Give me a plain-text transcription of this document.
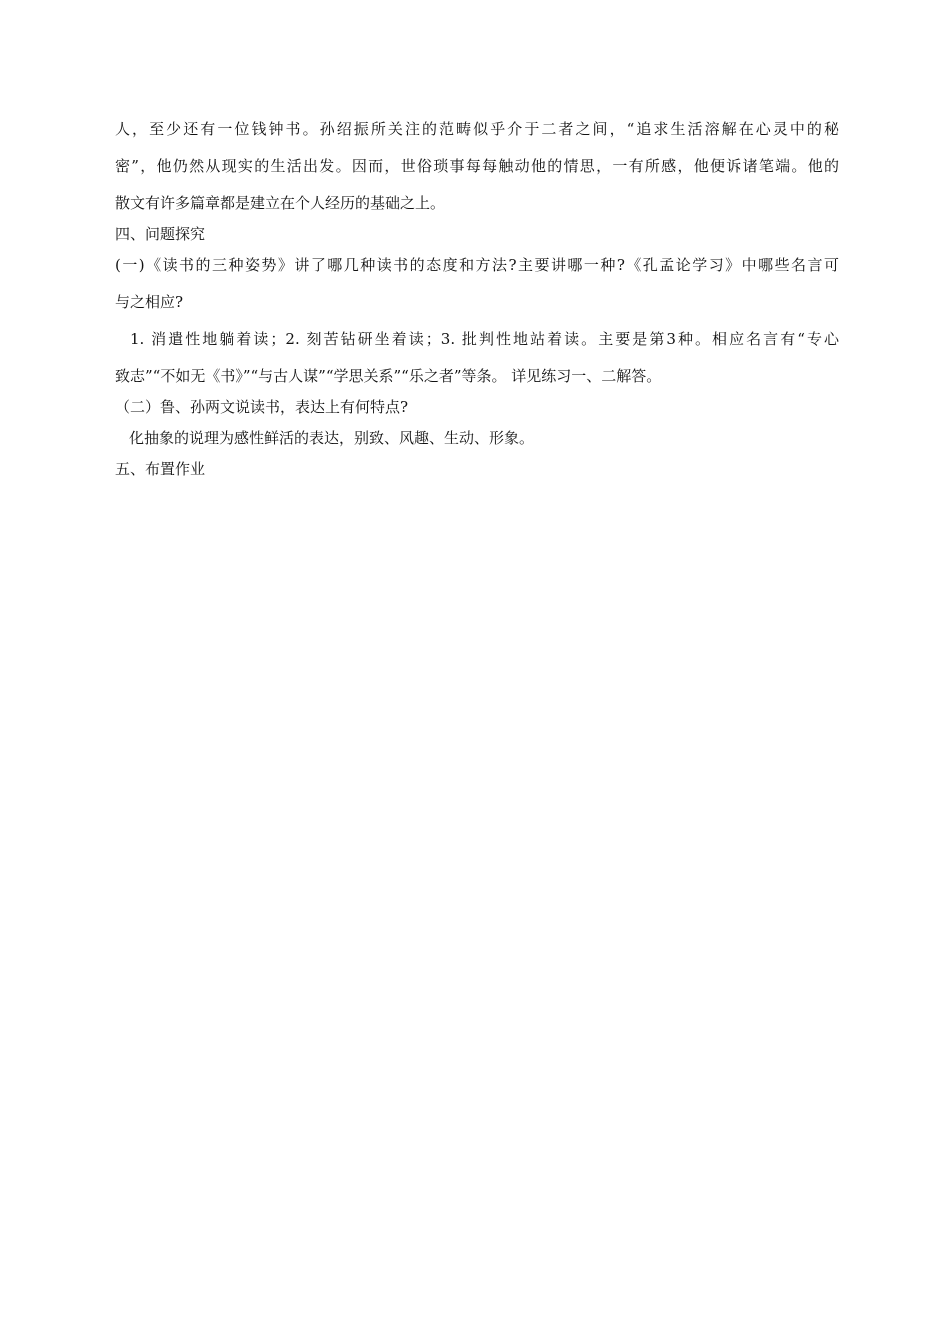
人，至少还有一位钱钟书。孙绍振所关注的范畴似乎介于二者之间，“追求生活溶解在心灵中的秘
密”，他仍然从现实的生活出发。因而，世俗琐事每每触动他的情思，一有所感，他便诉诸笔端。他的
散文有许多篇章都是建立在个人经历的基础之上。
四、问题探究
(一)《读书的三种姿势》讲了哪几种读书的态度和方法?主要讲哪一种?《孔孟论学习》中哪些名言可
与之相应?
1. 消遣性地躺着读；2. 刻苦钻研坐着读；3. 批判性地站着读。主要是第3种。相应名言有“专心
致志”“不如无《书》”“与古人谋”“学思关系”“乐之者”等条。 详见练习一、二解答。
（二）鲁、孙两文说读书，表达上有何特点?
化抽象的说理为感性鲜活的表达，别致、风趣、生动、形象。
五、布置作业
